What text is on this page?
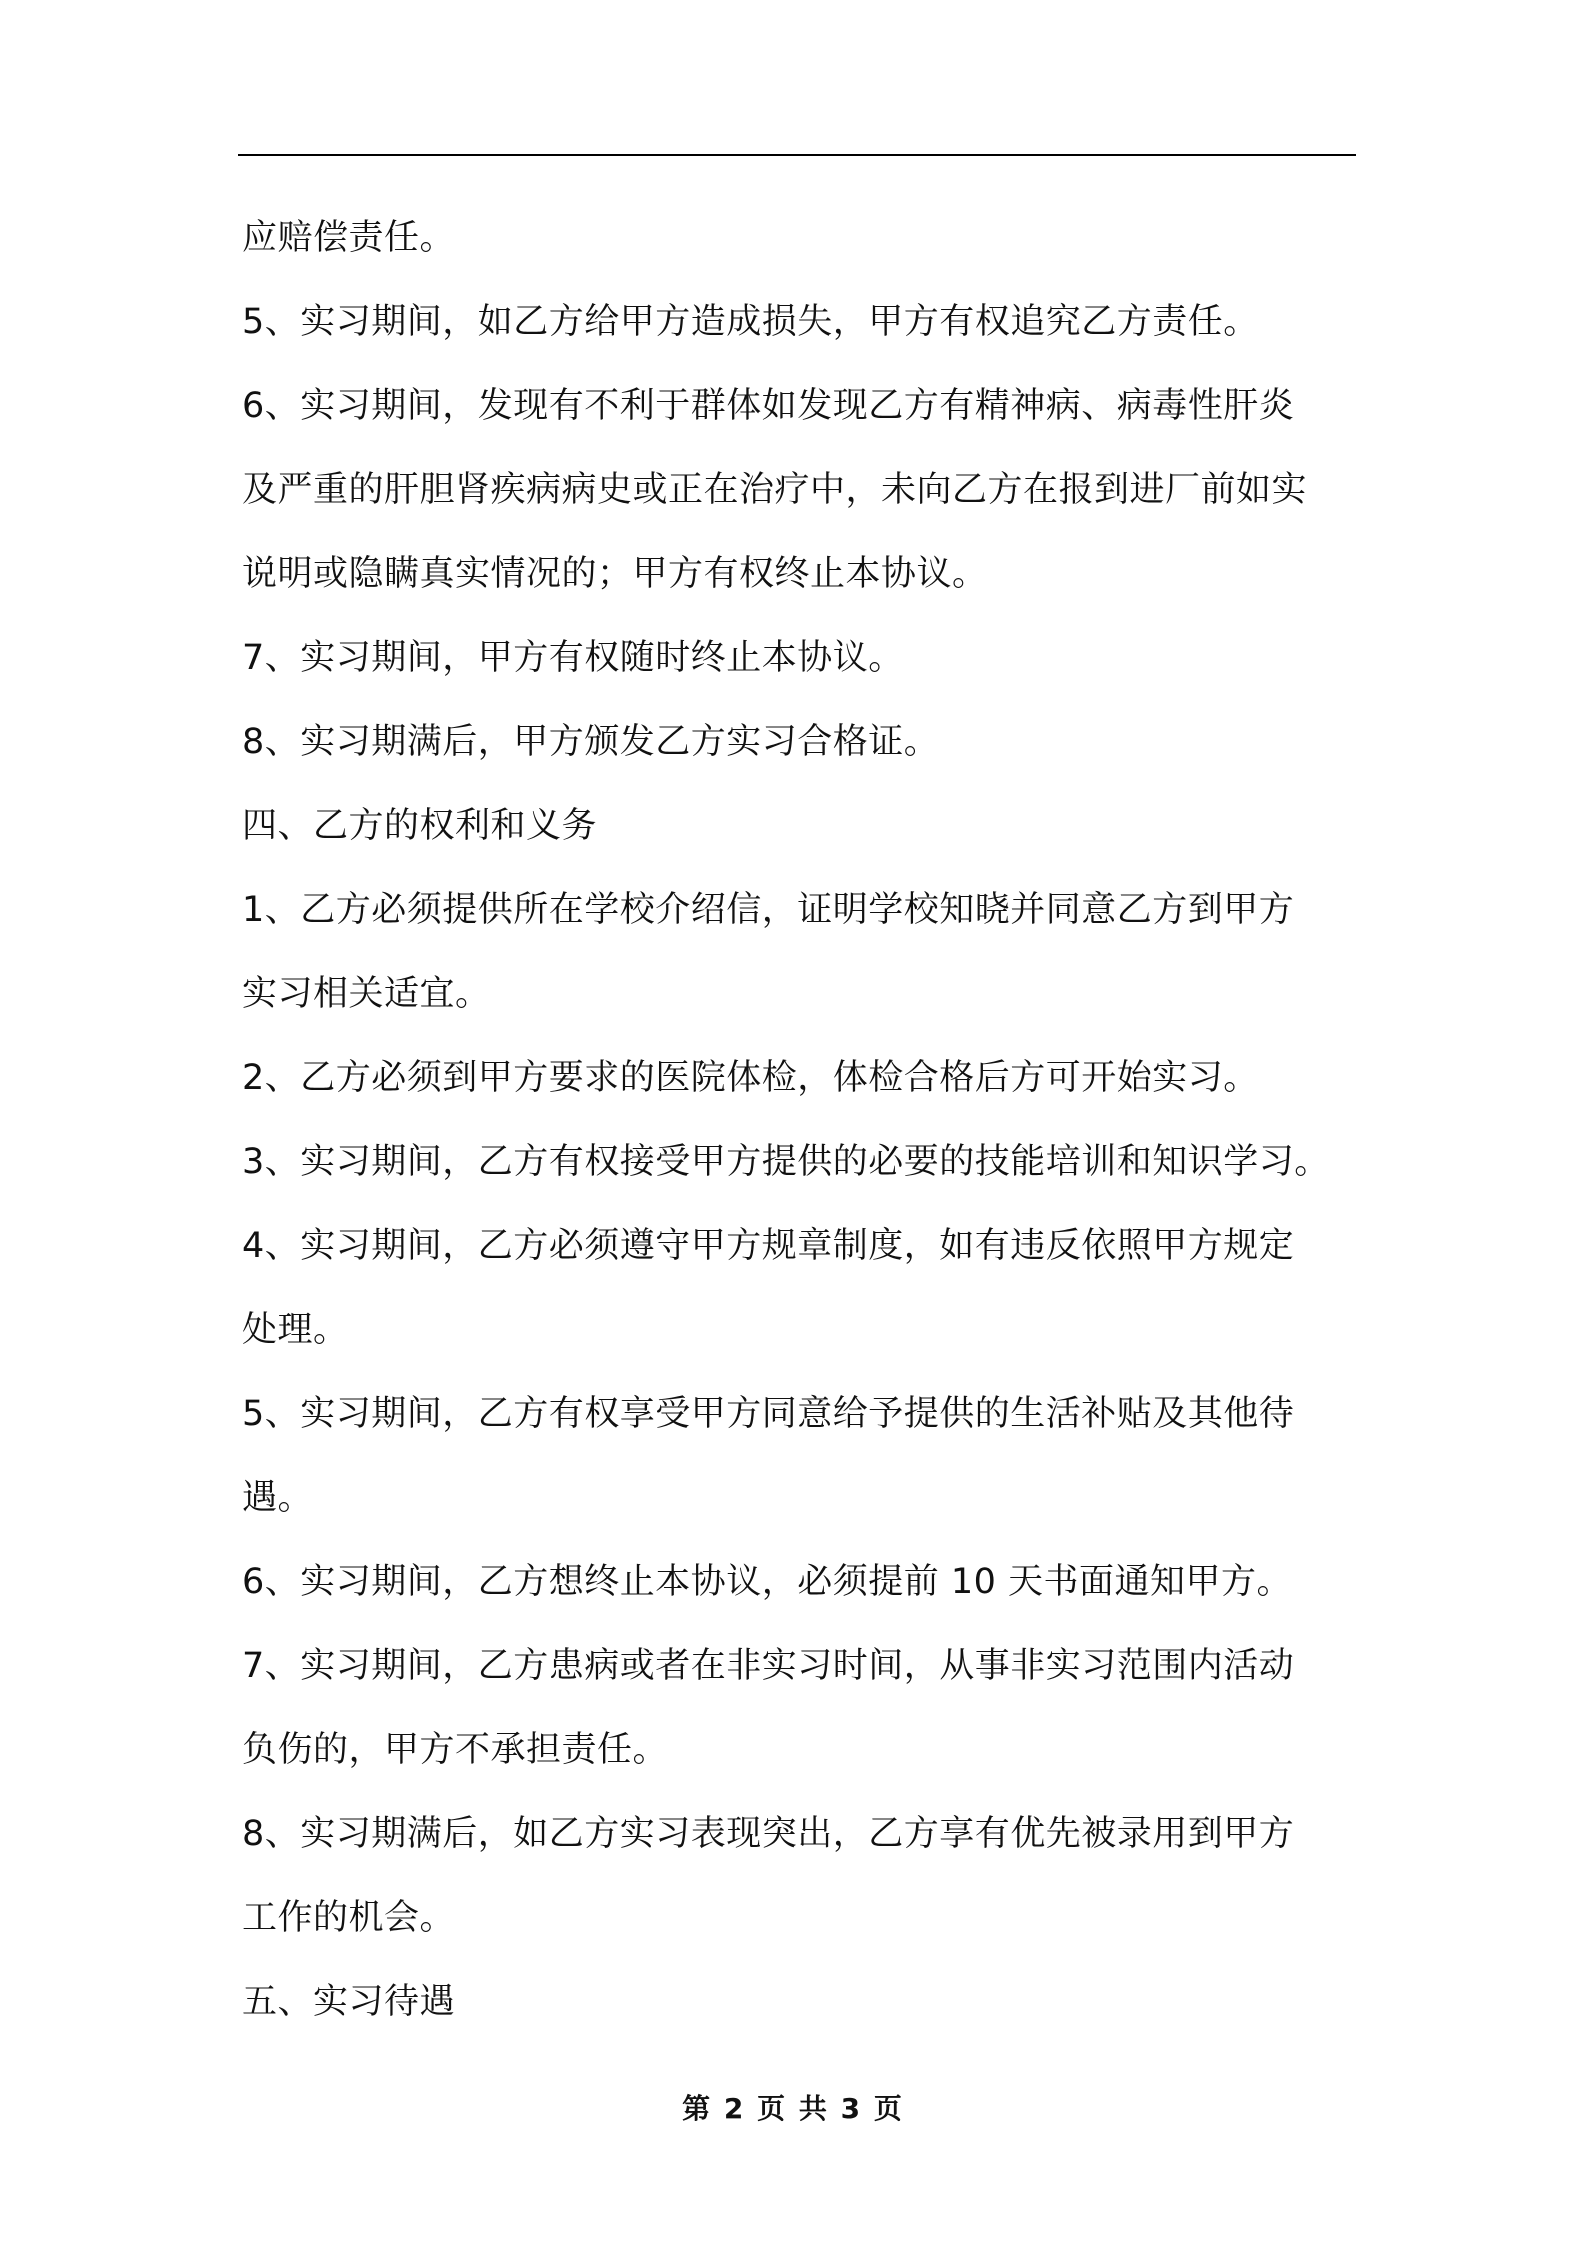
应赔偿责任。
5、实习期间，如乙方给甲方造成损失，甲方有权追究乙方责任。
6、实习期间，发现有不利于群体如发现乙方有精神病、病毒性肝炎
及严重的肝胆肾疾病病史或正在治疗中，未向乙方在报到进厂前如实
说明或隐瞒真实情况的；甲方有权终止本协议。
7、实习期间，甲方有权随时终止本协议。
8、实习期满后，甲方颁发乙方实习合格证。
四、乙方的权利和义务
1、乙方必须提供所在学校介绍信，证明学校知晓并同意乙方到甲方
实习相关适宜。
2、乙方必须到甲方要求的医院体检，体检合格后方可开始实习。
3、实习期间，乙方有权接受甲方提供的必要的技能培训和知识学习。
4、实习期间，乙方必须遵守甲方规章制度，如有违反依照甲方规定
处理。
5、实习期间，乙方有权享受甲方同意给予提供的生活补贴及其他待
遇。
6、实习期间，乙方想终止本协议，必须提前 10 天书面通知甲方。
7、实习期间，乙方患病或者在非实习时间，从事非实习范围内活动
负伤的，甲方不承担责任。
8、实习期满后，如乙方实习表现突出，乙方享有优先被录用到甲方
工作的机会。
五、实习待遇
第 2 页 共 3 页
